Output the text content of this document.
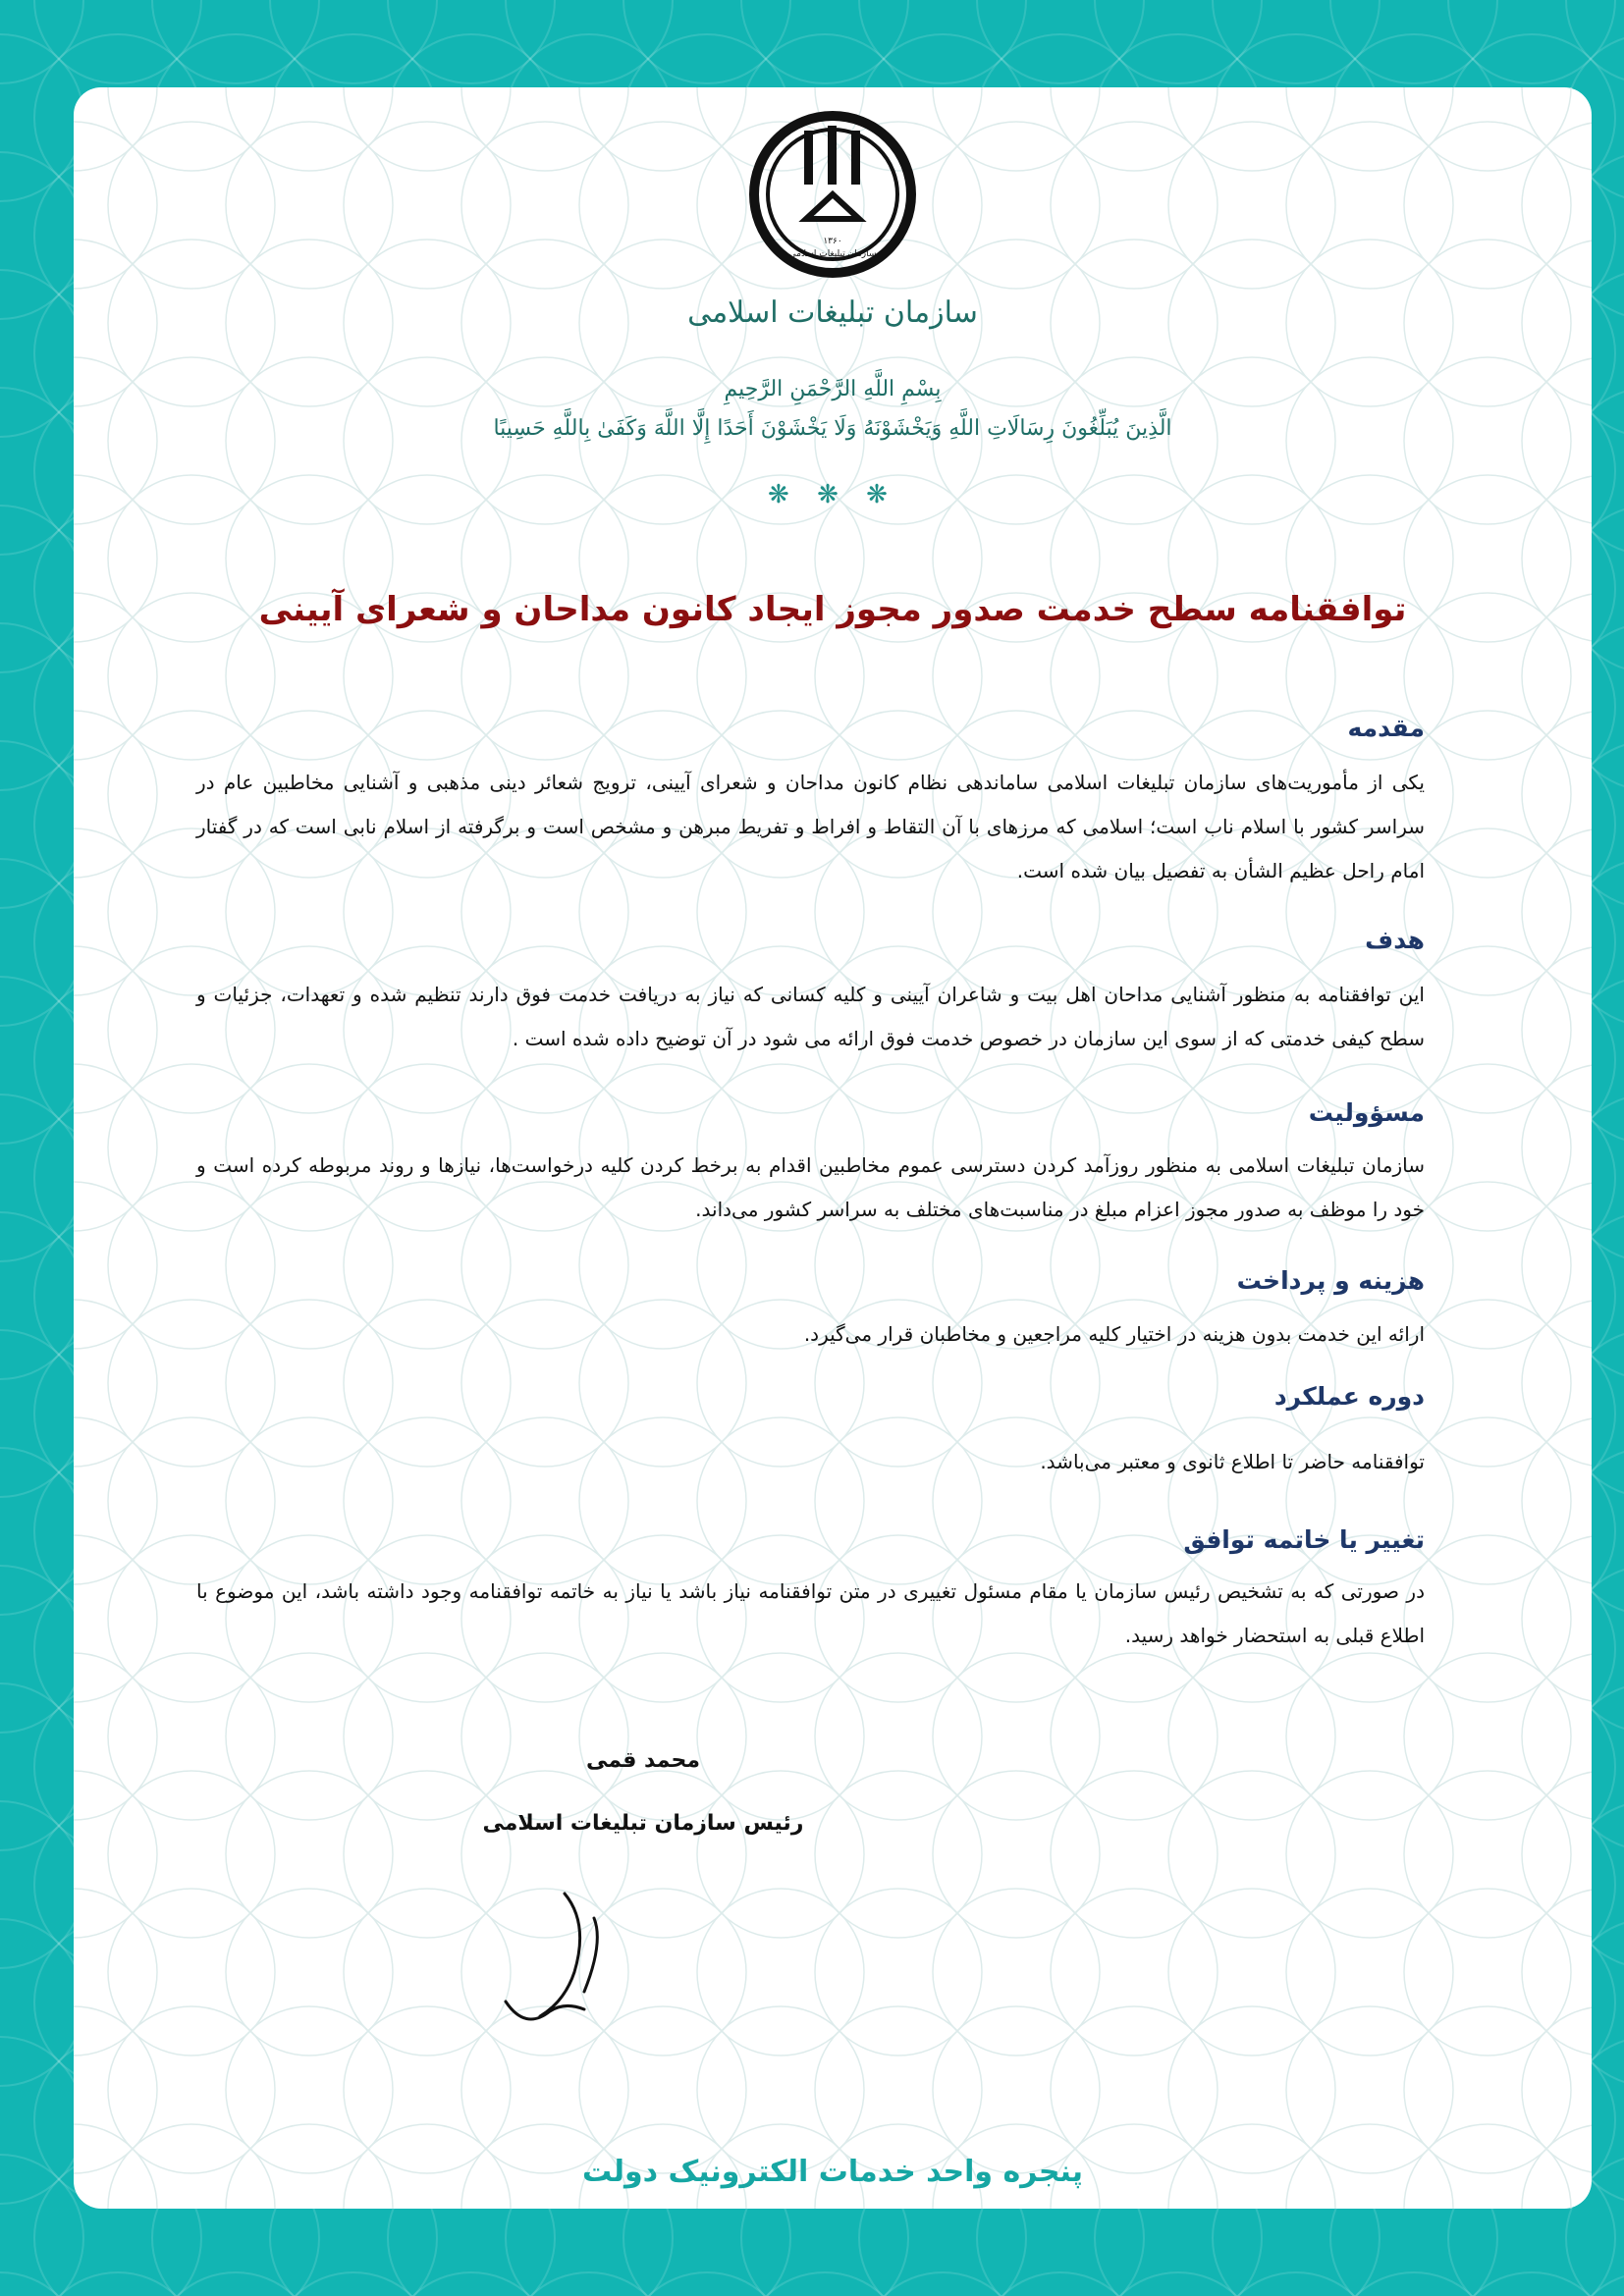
۱۳۶۰
سازمان تبلیغات اسلامی
سازمان تبلیغات اسلامی
بِسْمِ اللَّهِ الرَّحْمَنِ الرَّحِيمِ
الَّذِينَ يُبَلِّغُونَ رِسَالَاتِ اللَّهِ وَيَخْشَوْنَهُ وَلَا يَخْشَوْنَ أَحَدًا إِلَّا اللَّهَ وَكَفَىٰ بِاللَّهِ حَسِيبًا
❋ ❋ ❋
توافقنامه سطح خدمت صدور مجوز ایجاد کانون مداحان و شعرای آیینی
مقدمه
یکی از مأموریت‌های سازمان تبلیغات اسلامی ساماندهی نظام کانون مداحان و شعرای آیینی، ترویج شعائر دینی مذهبی و آشنایی مخاطبین عام در سراسر کشور با اسلام ناب است؛ اسلامی که مرزهای با آن التقاط و افراط و تفریط مبرهن و مشخص است و برگرفته از اسلام نابی است که در گفتار امام راحل عظیم الشأن به تفصیل بیان شده است.
هدف
این توافقنامه به منظور آشنایی مداحان اهل بیت و شاعران آیینی و کلیه کسانی که نیاز به دریافت خدمت فوق دارند تنظیم شده و تعهدات، جزئیات و سطح کیفی خدمتی که از سوی این سازمان در خصوص خدمت فوق ارائه می شود در آن توضیح داده شده است .
مسؤولیت
سازمان تبلیغات اسلامی به منظور روزآمد کردن دسترسی عموم مخاطبین اقدام به برخط کردن کلیه درخواست‌ها، نیازها و روند مربوطه کرده است و خود را موظف به صدور مجوز اعزام مبلغ در مناسبت‌های مختلف به سراسر کشور می‌داند.
هزینه و پرداخت
ارائه این خدمت بدون هزینه در اختیار کلیه مراجعین و مخاطبان قرار می‌گیرد.
دوره عملکرد
توافقنامه حاضر تا اطلاع ثانوی و معتبر می‌باشد.
تغییر یا خاتمه توافق
در صورتی که به تشخیص رئیس سازمان یا مقام مسئول تغییری در متن توافقنامه نیاز باشد یا نیاز به خاتمه توافقنامه وجود داشته باشد، این موضوع با اطلاع قبلی به استحضار خواهد رسید.
محمد قمی
رئیس سازمان تبلیغات اسلامی
پنجره واحد خدمات الکترونیک دولت
